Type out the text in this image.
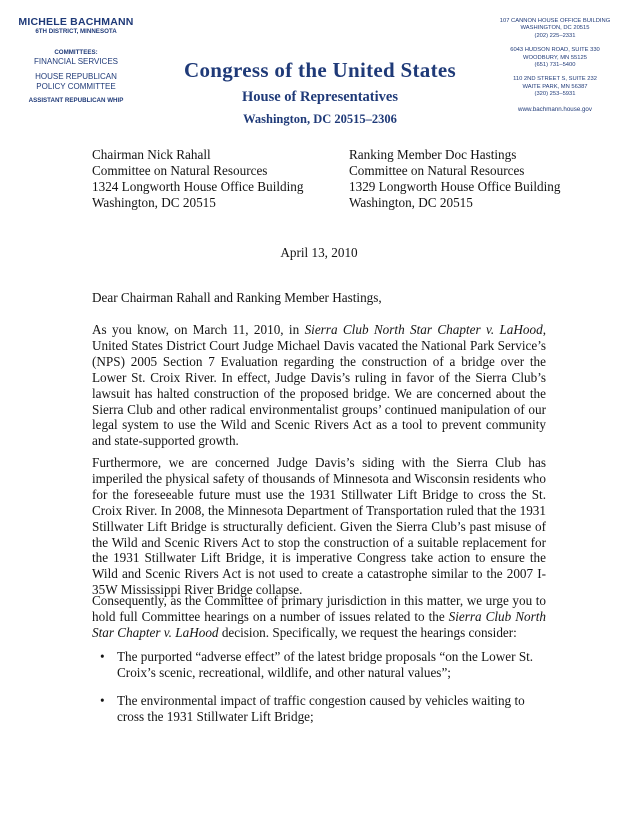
MICHELE BACHMANN
6TH DISTRICT, MINNESOTA
COMMITTEES:
FINANCIAL SERVICES
HOUSE REPUBLICAN
POLICY COMMITTEE
ASSISTANT REPUBLICAN WHIP
Congress of the United States
House of Representatives
Washington, DC 20515–2306
107 CANNON HOUSE OFFICE BUILDING
WASHINGTON, DC 20515
(202) 225–2331
6043 HUDSON ROAD, SUITE 330
WOODBURY, MN 55125
(651) 731–5400
110 2ND STREET S, SUITE 232
WAITE PARK, MN 56387
(320) 253–5931
www.bachmann.house.gov
Chairman Nick Rahall
Committee on Natural Resources
1324 Longworth House Office Building
Washington, DC 20515
Ranking Member Doc Hastings
Committee on Natural Resources
1329 Longworth House Office Building
Washington, DC 20515
April 13, 2010
Dear Chairman Rahall and Ranking Member Hastings,
As you know, on March 11, 2010, in Sierra Club North Star Chapter v. LaHood, United States District Court Judge Michael Davis vacated the National Park Service’s (NPS) 2005 Section 7 Evaluation regarding the construction of a bridge over the Lower St. Croix River. In effect, Judge Davis’s ruling in favor of the Sierra Club’s lawsuit has halted construction of the proposed bridge. We are concerned about the Sierra Club and other radical environmentalist groups’ continued manipulation of our legal system to use the Wild and Scenic Rivers Act as a tool to prevent community and state-supported growth.
Furthermore, we are concerned Judge Davis’s siding with the Sierra Club has imperiled the physical safety of thousands of Minnesota and Wisconsin residents who for the foreseeable future must use the 1931 Stillwater Lift Bridge to cross the St. Croix River. In 2008, the Minnesota Department of Transportation ruled that the 1931 Stillwater Lift Bridge is structurally deficient. Given the Sierra Club’s past misuse of the Wild and Scenic Rivers Act to stop the construction of a suitable replacement for the 1931 Stillwater Lift Bridge, it is imperative Congress take action to ensure the Wild and Scenic Rivers Act is not used to create a catastrophe similar to the 2007 I-35W Mississippi River Bridge collapse.
Consequently, as the Committee of primary jurisdiction in this matter, we urge you to hold full Committee hearings on a number of issues related to the Sierra Club North Star Chapter v. LaHood decision. Specifically, we request the hearings consider:
• The purported “adverse effect” of the latest bridge proposals “on the Lower St. Croix’s scenic, recreational, wildlife, and other natural values”;
• The environmental impact of traffic congestion caused by vehicles waiting to cross the 1931 Stillwater Lift Bridge;
